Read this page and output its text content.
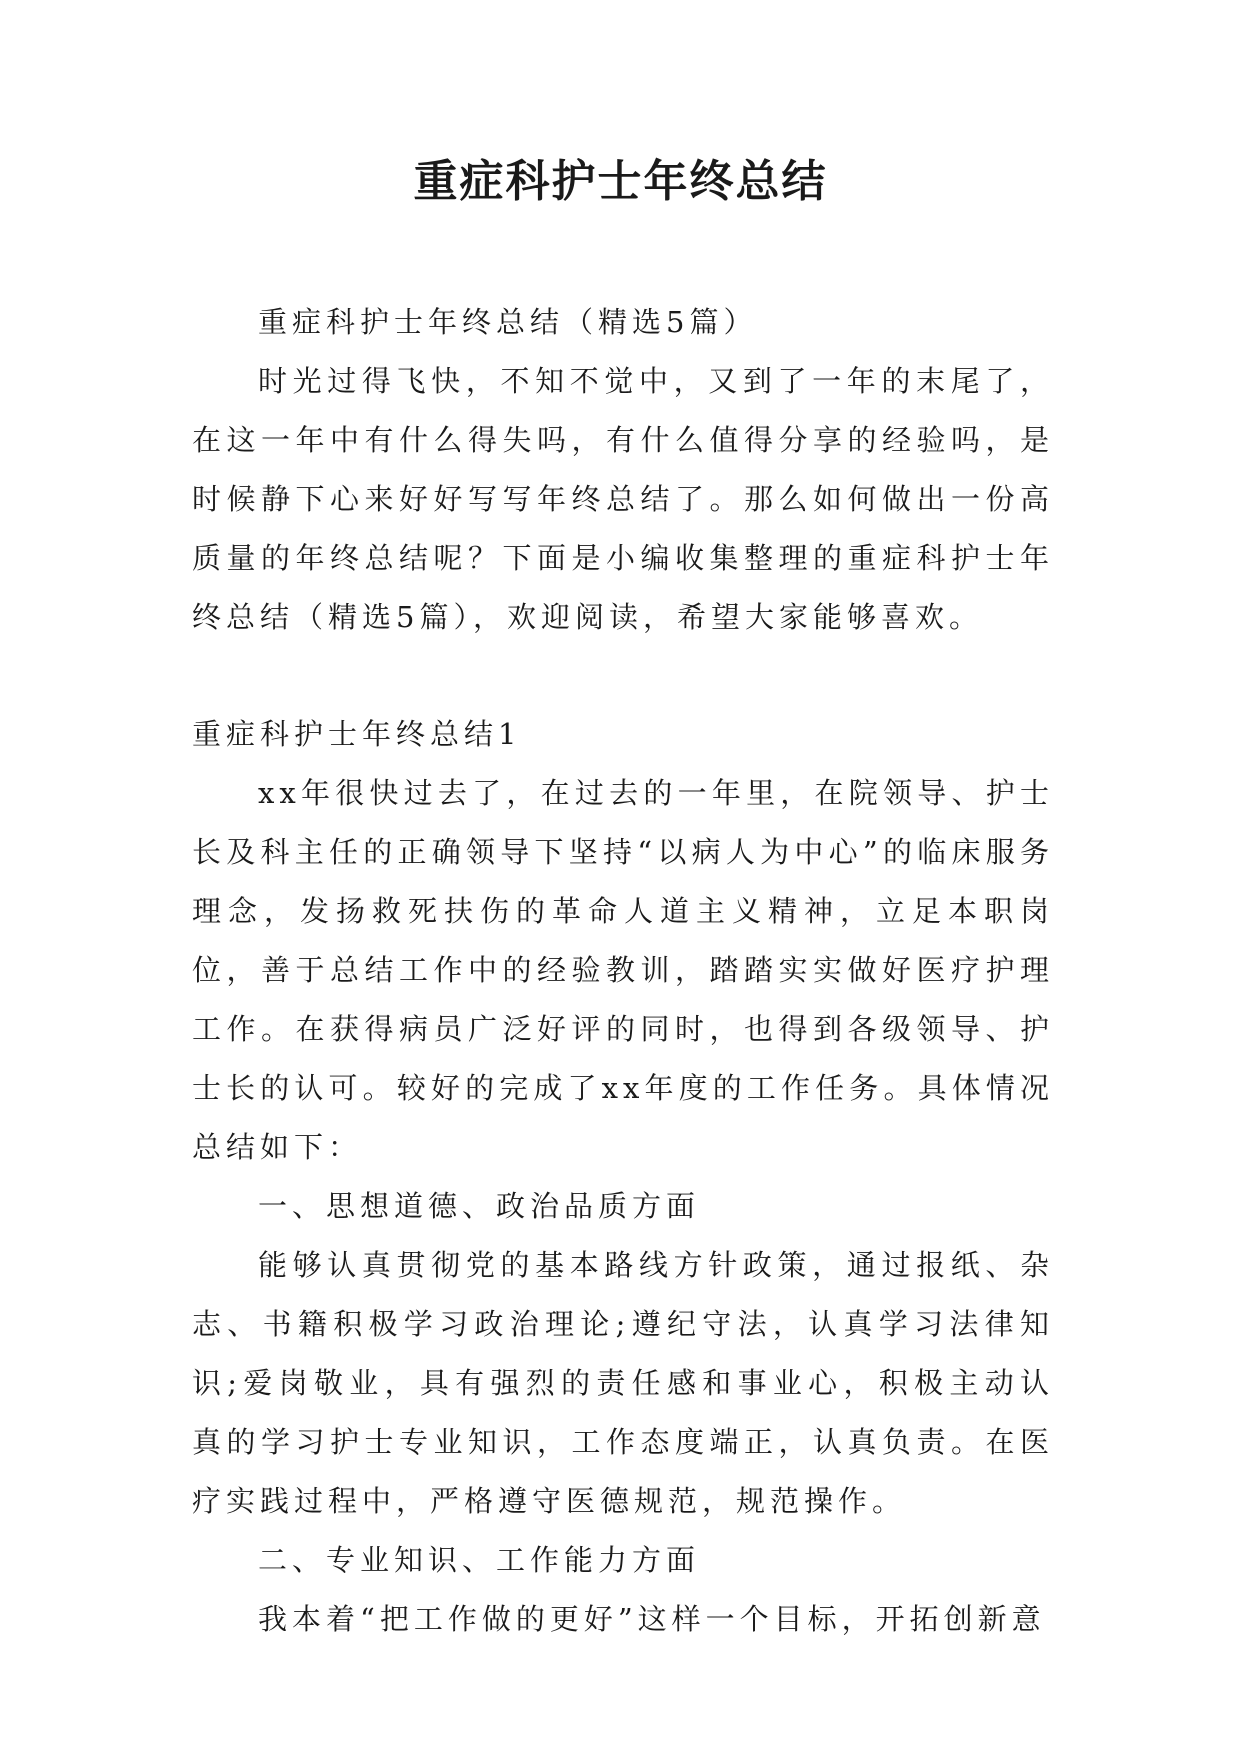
重症科护士年终总结

重症科护士年终总结（精选5篇）

时光过得飞快，不知不觉中，又到了一年的末尾了，在这一年中有什么得失吗，有什么值得分享的经验吗，是时候静下心来好好写写年终总结了。那么如何做出一份高质量的年终总结呢？下面是小编收集整理的重症科护士年终总结（精选5篇），欢迎阅读，希望大家能够喜欢。

重症科护士年终总结1

xx年很快过去了，在过去的一年里，在院领导、护士长及科主任的正确领导下坚持“以病人为中心”的临床服务理念，发扬救死扶伤的革命人道主义精神，立足本职岗位，善于总结工作中的经验教训，踏踏实实做好医疗护理工作。在获得病员广泛好评的同时，也得到各级领导、护士长的认可。较好的完成了xx年度的工作任务。具体情况总结如下：

一、思想道德、政治品质方面

能够认真贯彻党的基本路线方针政策，通过报纸、杂志、书籍积极学习政治理论;遵纪守法，认真学习法律知识;爱岗敬业，具有强烈的责任感和事业心，积极主动认真的学习护士专业知识，工作态度端正，认真负责。在医疗实践过程中，严格遵守医德规范，规范操作。

二、专业知识、工作能力方面

我本着“把工作做的更好”这样一个目标，开拓创新意
